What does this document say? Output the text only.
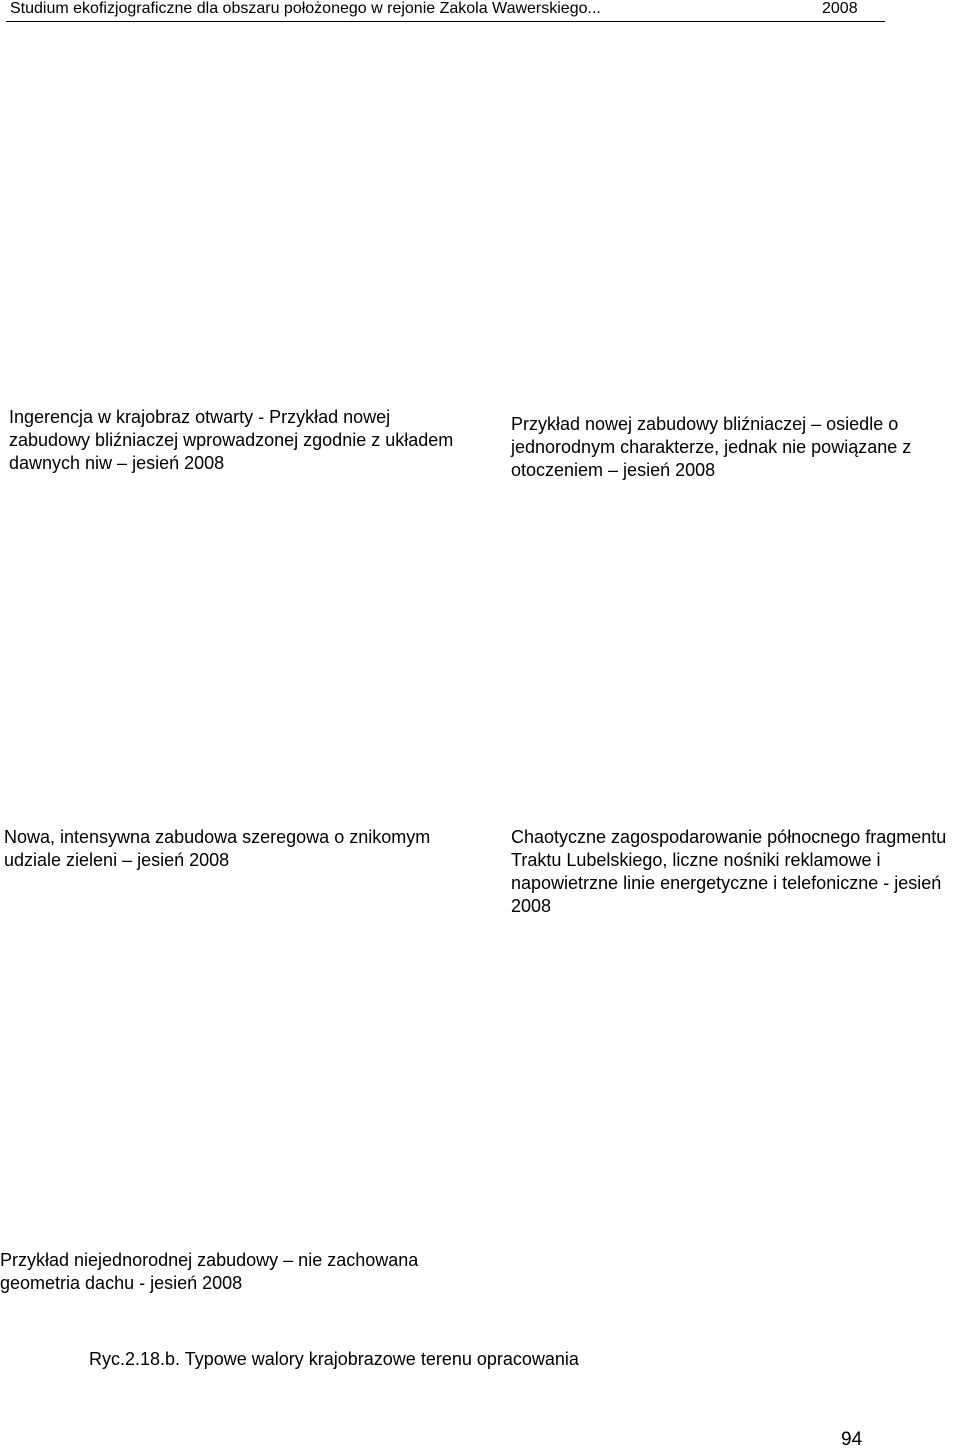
Studium ekofizjograficzne dla obszaru położonego w rejonie Zakola Wawerskiego...	2008

Ingerencja w krajobraz otwarty - Przykład nowej zabudowy bliźniaczej wprowadzonej zgodnie z układem dawnych niw – jesień 2008

Przykład nowej zabudowy bliźniaczej – osiedle o jednorodnym charakterze, jednak nie powiązane z otoczeniem – jesień 2008

Nowa, intensywna zabudowa szeregowa o znikomym udziale zieleni – jesień 2008

Chaotyczne zagospodarowanie północnego fragmentu Traktu Lubelskiego, liczne nośniki reklamowe i napowietrzne linie energetyczne i telefoniczne - jesień 2008

Przykład niejednorodnej zabudowy – nie zachowana geometria dachu - jesień 2008

Ryc.2.18.b. Typowe walory krajobrazowe terenu opracowania
94
